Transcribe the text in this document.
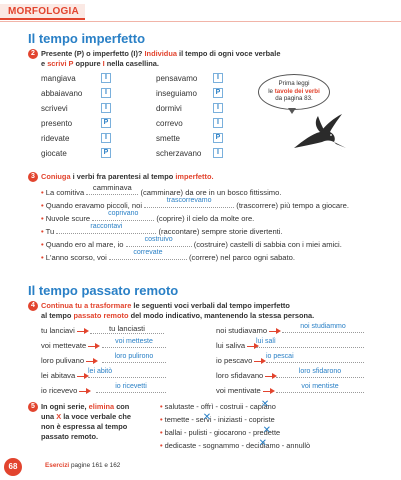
MORFOLOGIA
Il tempo imperfetto
2 Presente (P) o imperfetto (I)? Individua il tempo di ogni voce verbale
e scrivi P oppure I nella casellina.
mangiava	I
abbaiavano	I
scrivevi	I
presento	P
ridevate	I
giocate	P
pensavamo	I
inseguiamo	P
dormivi	I
correvo	I
smette	P
scherzavano	I
Prima leggi
le tavole dei verbi
da pagina 83.
3 Coniuga i verbi fra parentesi al tempo imperfetto.
• La comitiva
camminava
(camminare) da ore in un bosco fittissimo.
• Quando eravamo piccoli, noi
trascorrevamo
(trascorrere) più tempo a giocare.
• Nuvole scure
coprivano
(coprire) il cielo da molte ore.
• Tu
raccontavi
(raccontare) sempre storie divertenti.
• Quando ero al mare, io
costruivo
(costruire) castelli di sabbia con i miei amici.
• L'anno scorso, voi
correvate
(correre) nel parco ogni sabato.
Il tempo passato remoto
4 Continua tu a trasformare le seguenti voci verbali dal tempo imperfetto
al tempo passato remoto del modo indicativo, mantenendo la stessa persona.
tu lanciavi	tu lanciasti
voi mettevate	voi metteste
loro pulivano	loro pulirono
lei abitava	lei abitò
io ricevevo	io ricevetti
noi studiavamo	noi studiammo
lui saliva	lui salì
io pescavo	io pescai
loro sfidavano	loro sfidarono
voi mentivate	voi mentiste
5 In ogni serie, elimina con
una X la voce verbale che
non è espressa al tempo
passato remoto.
• salutaste - offrì - costruii - capi ✕ano
• temette - ser ✕vi - iniziasti - copriste
• ballai - pulisti - giocarono - pred ✕ette
• dedicaste - sognammo - decid ✕iamo - annullò
68	Esercizi pagine 161 e 162
